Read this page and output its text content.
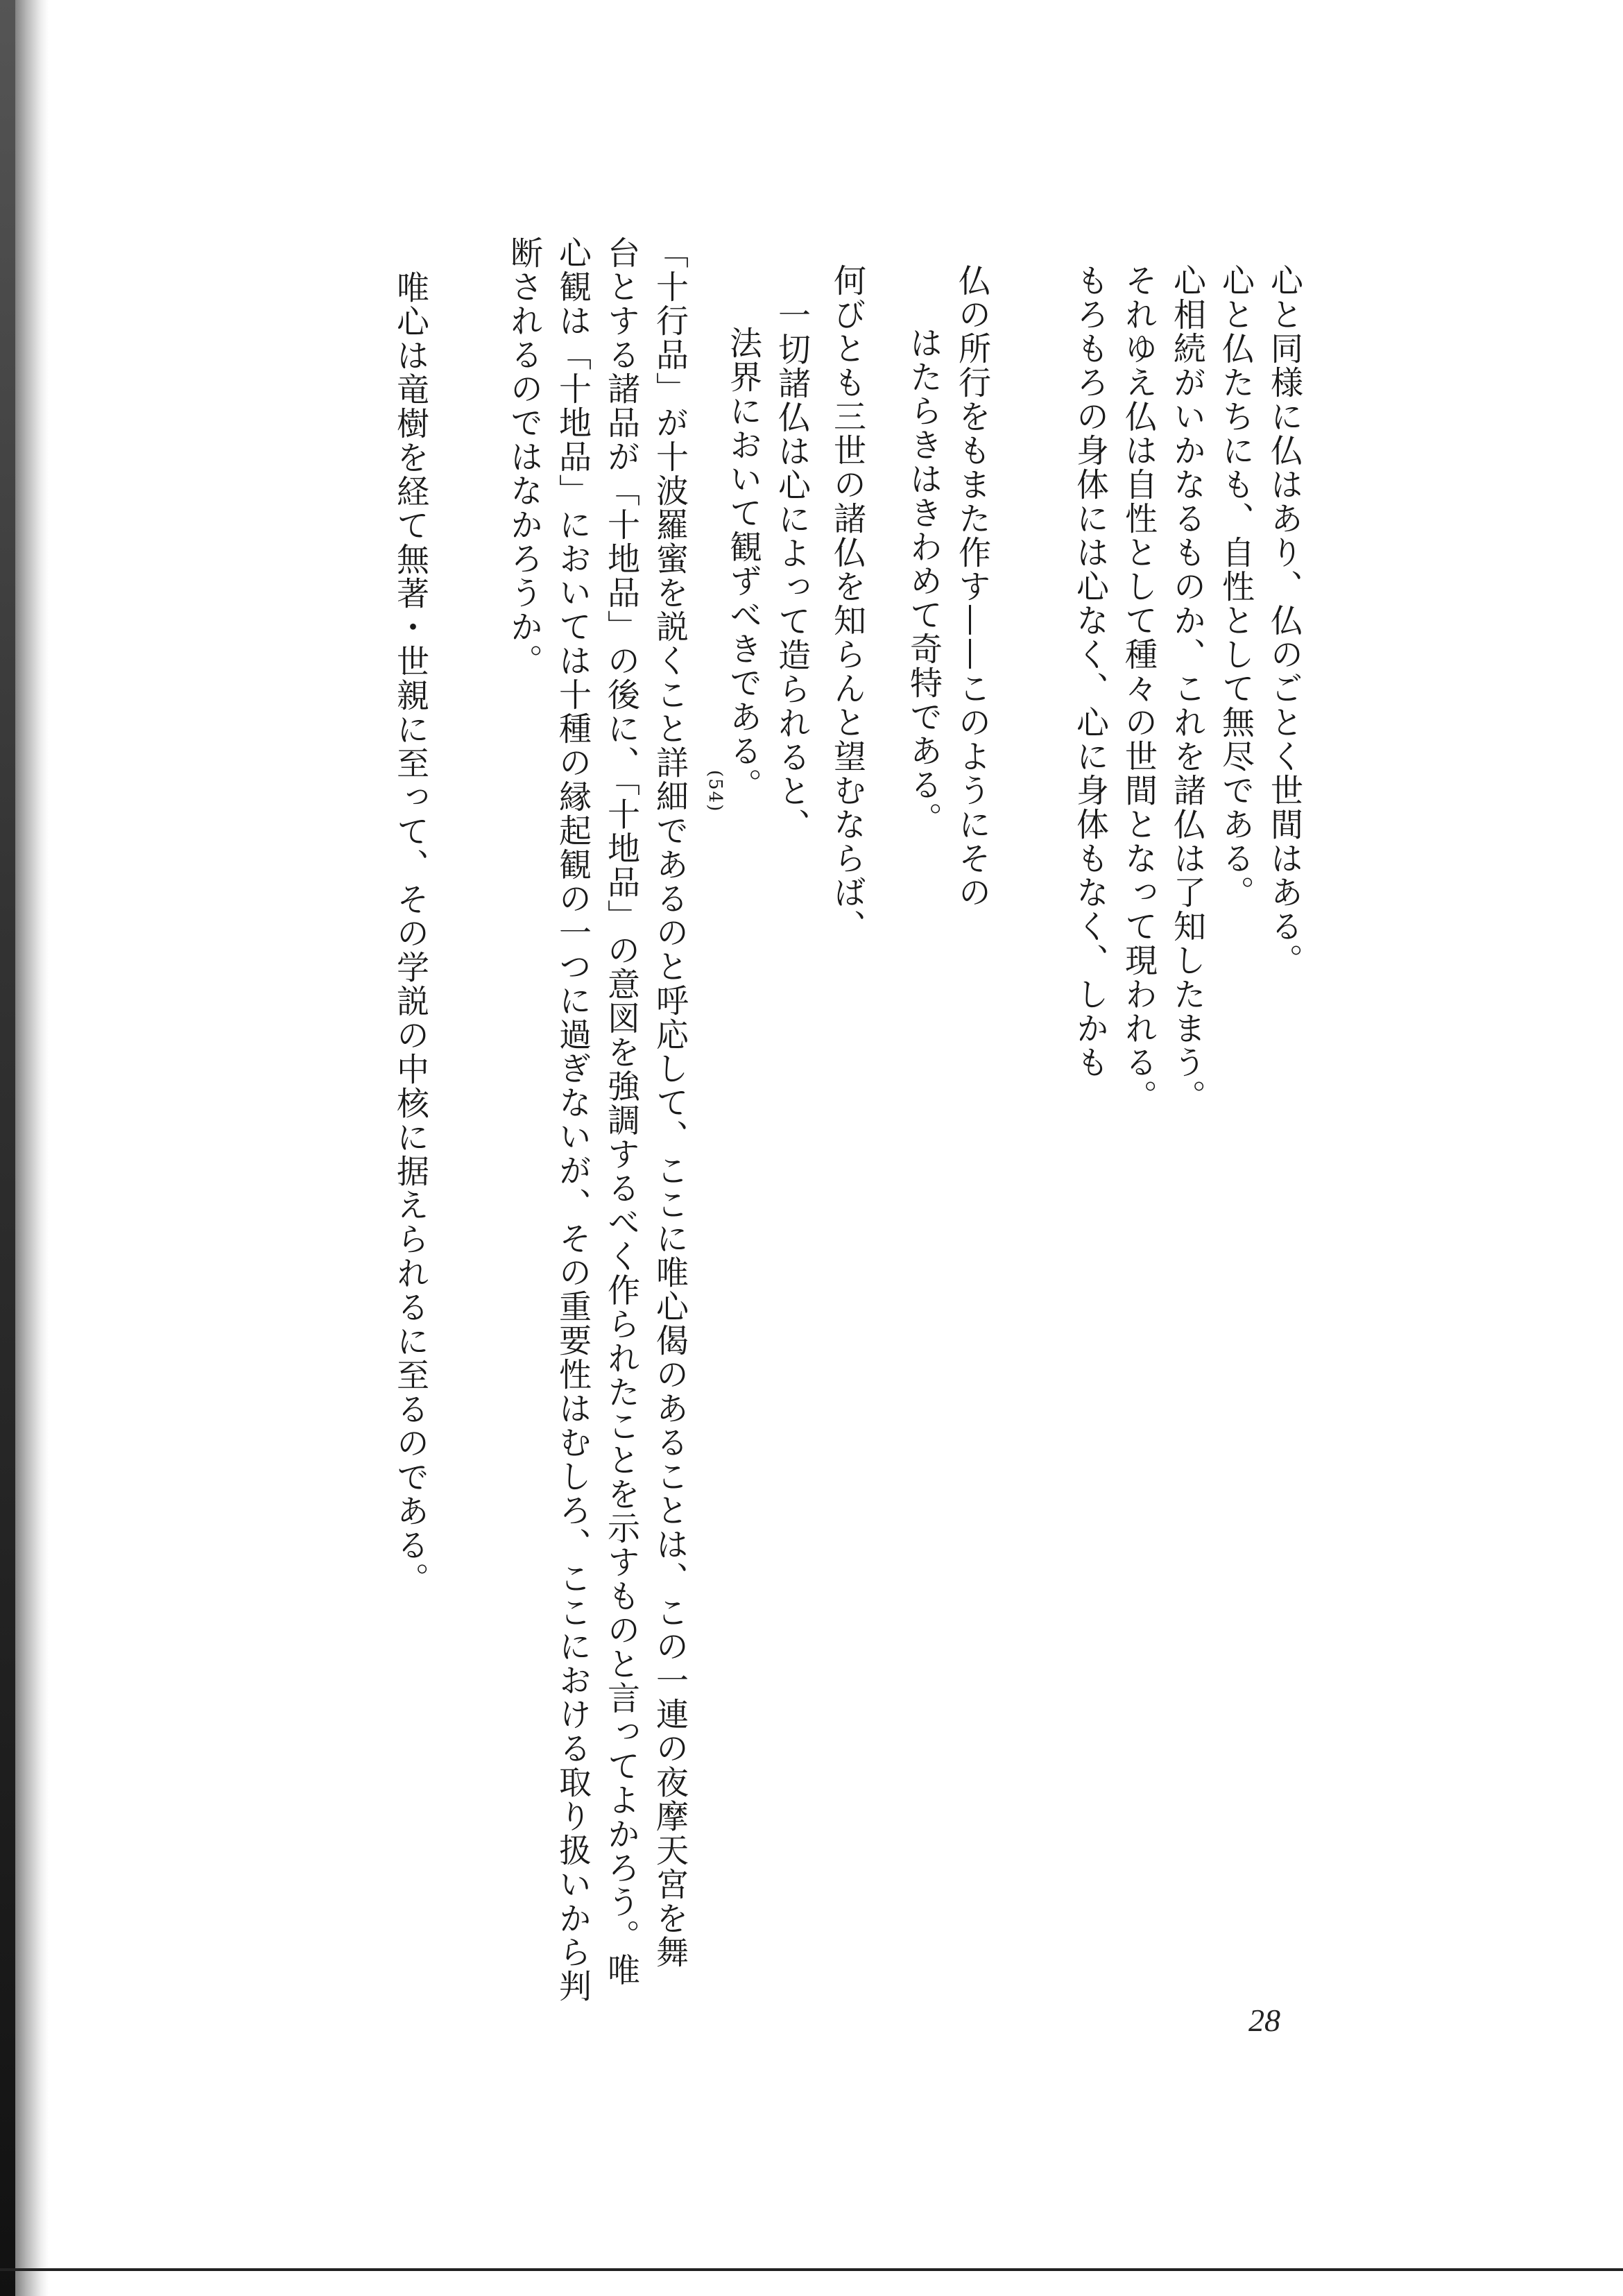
心と同様に仏はあり、仏のごとく世間はある。
心と仏たちにも、自性として無尽である。
心相続がいかなるものか、これを諸仏は了知したまう。
それゆえ仏は自性として種々の世間となって現われる。
もろもろの身体には心なく、心に身体もなく、しかも
仏の所行をもまた作す——このようにその
はたらきはきわめて奇特である。
何びとも三世の諸仏を知らんと望むならば、
一切諸仏は心によって造られると、
法界において観ずべきである。
(54)
「十行品」が十波羅蜜を説くこと詳細であるのと呼応して、ここに唯心偈のあることは、この一連の夜摩天宮を舞
台とする諸品が「十地品」の後に、「十地品」の意図を強調するべく作られたことを示すものと言ってよかろう。唯
心観は「十地品」においては十種の縁起観の一つに過ぎないが、その重要性はむしろ、ここにおける取り扱いから判
断されるのではなかろうか。
唯心は竜樹を経て無著・世親に至って、その学説の中核に据えられるに至るのである。
28
